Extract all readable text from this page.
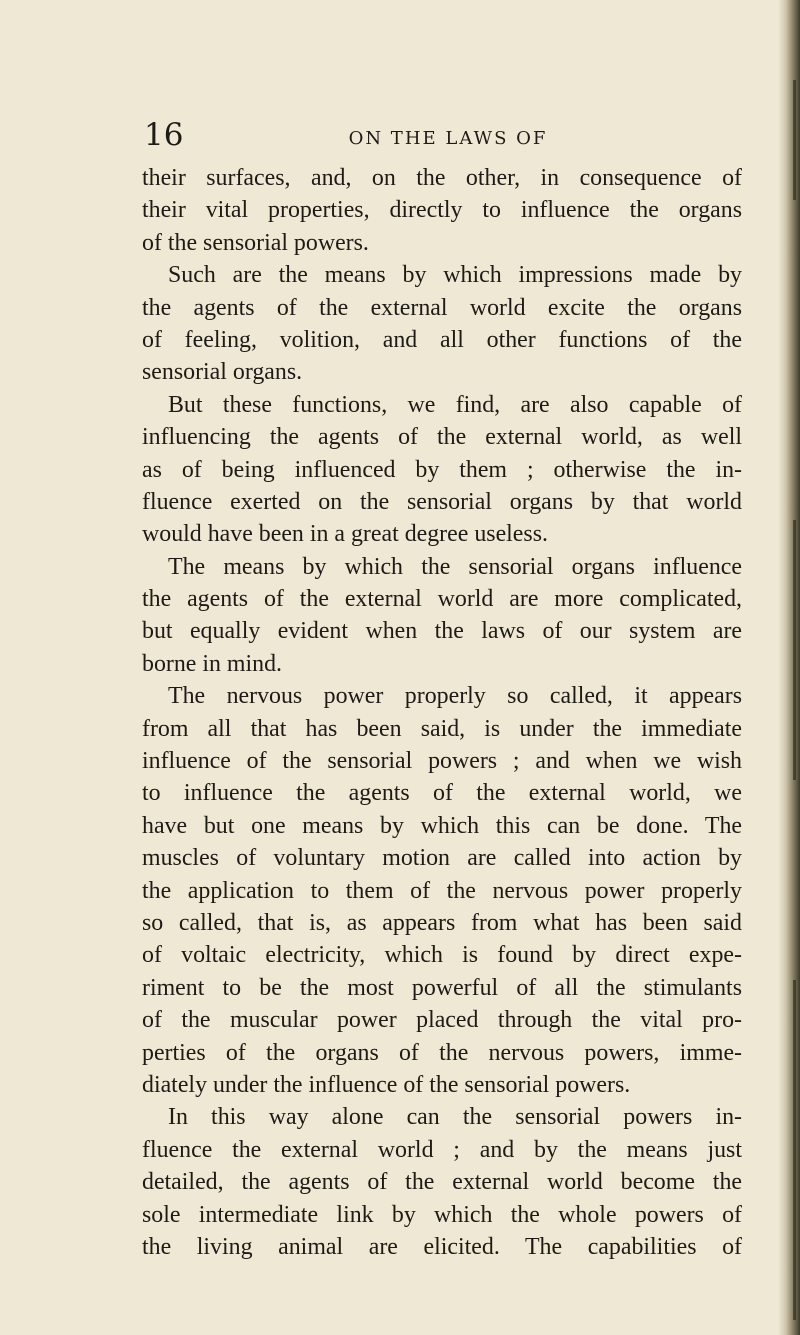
16	ON THE LAWS OF
their surfaces, and, on the other, in consequence of
their vital properties, directly to influence the organs
of the sensorial powers.
Such are the means by which impressions made by
the agents of the external world excite the organs
of feeling, volition, and all other functions of the
sensorial organs.
But these functions, we find, are also capable of
influencing the agents of the external world, as well
as of being influenced by them ; otherwise the in-
fluence exerted on the sensorial organs by that world
would have been in a great degree useless.
The means by which the sensorial organs influence
the agents of the external world are more complicated,
but equally evident when the laws of our system are
borne in mind.
The nervous power properly so called, it appears
from all that has been said, is under the immediate
influence of the sensorial powers ; and when we wish
to influence the agents of the external world, we
have but one means by which this can be done. The
muscles of voluntary motion are called into action by
the application to them of the nervous power properly
so called, that is, as appears from what has been said
of voltaic electricity, which is found by direct expe-
riment to be the most powerful of all the stimulants
of the muscular power placed through the vital pro-
perties of the organs of the nervous powers, imme-
diately under the influence of the sensorial powers.
In this way alone can the sensorial powers in-
fluence the external world ; and by the means just
detailed, the agents of the external world become the
sole intermediate link by which the whole powers of
the living animal are elicited. The capabilities of
